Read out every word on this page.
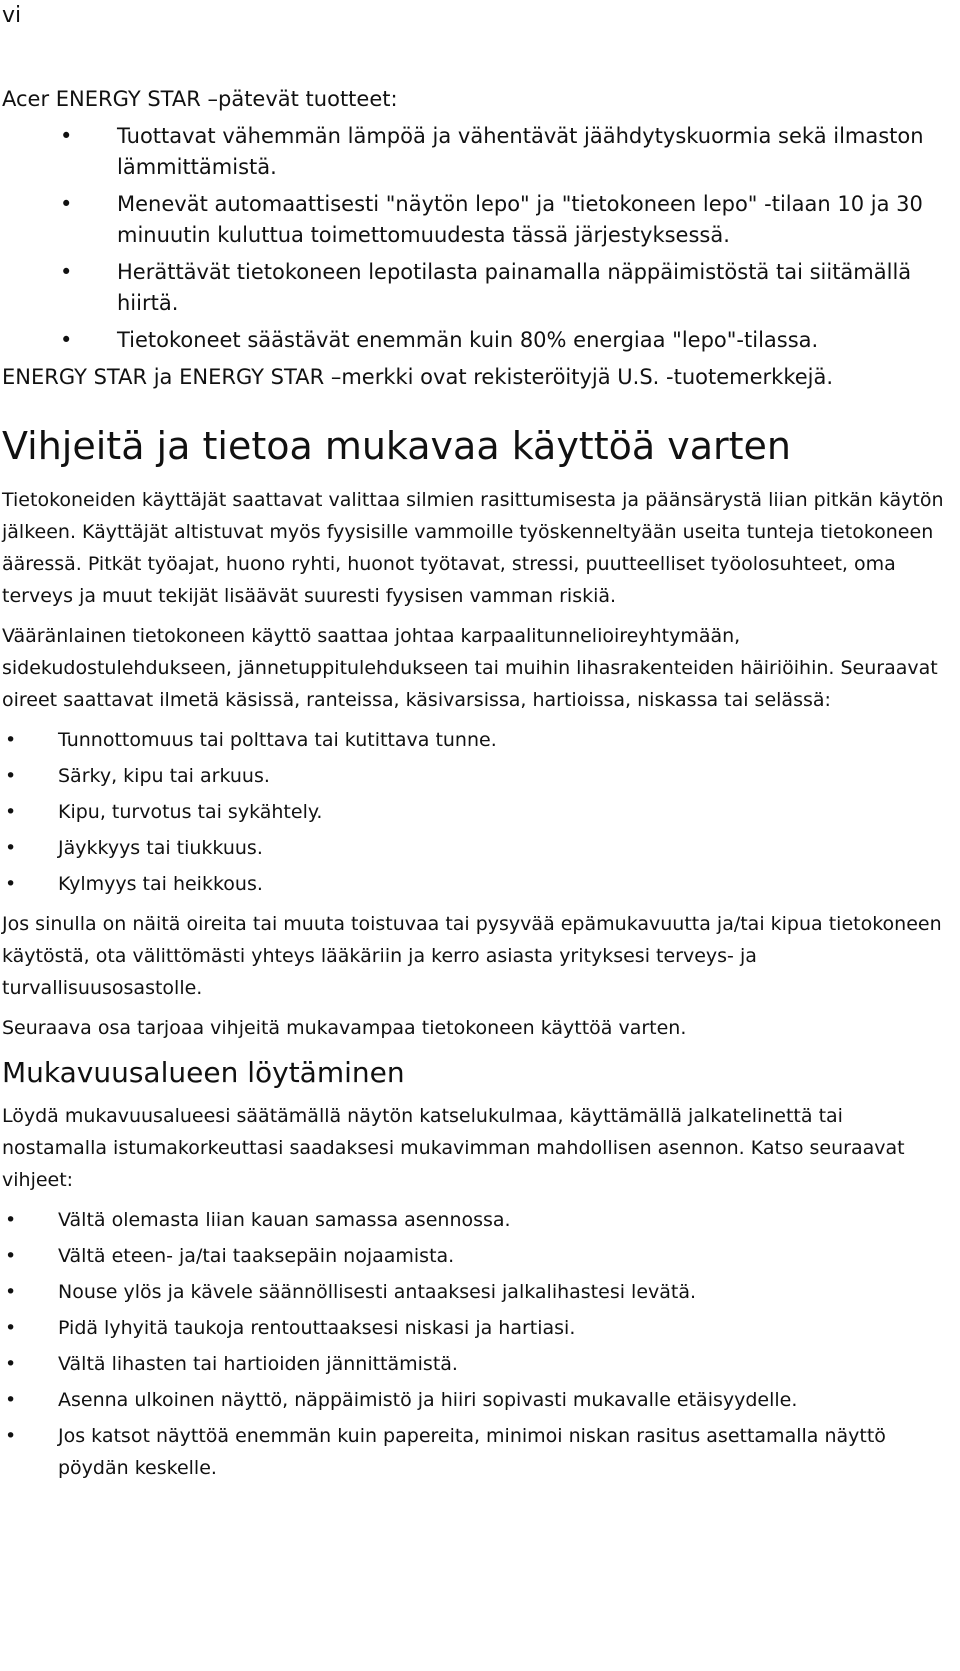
vi

Acer ENERGY STAR –pätevät tuotteet:

• Tuottavat vähemmän lämpöä ja vähentävät jäähdytyskuormia sekä ilmaston lämmittämistä.
• Menevät automaattisesti "näytön lepo" ja "tietokoneen lepo" -tilaan 10 ja 30 minuutin kuluttua toimettomuudesta tässä järjestyksessä.
• Herättävät tietokoneen lepotilasta painamalla näppäimistöstä tai siitämällä hiirtä.
• Tietokoneet säästävät enemmän kuin 80% energiaa "lepo"-tilassa.

ENERGY STAR ja ENERGY STAR –merkki ovat rekisteröityjä U.S. -tuotemerkkejä.

Vihjeitä ja tietoa mukavaa käyttöä varten

Tietokoneiden käyttäjät saattavat valittaa silmien rasittumisesta ja päänsärystä liian pitkän käytön jälkeen. Käyttäjät altistuvat myös fyysisille vammoille työskenneltyään useita tunteja tietokoneen ääressä. Pitkät työajat, huono ryhti, huonot työtavat, stressi, puutteelliset työolosuhteet, oma terveys ja muut tekijät lisäävät suuresti fyysisen vamman riskiä.

Vääränlainen tietokoneen käyttö saattaa johtaa karpaalitunnelioireyhtymään, sidekudostulehdukseen, jännetuppitulehdukseen tai muihin lihasrakenteiden häiriöihin. Seuraavat oireet saattavat ilmetä käsissä, ranteissa, käsivarsissa, hartioissa, niskassa tai selässä:

• Tunnottomuus tai polttava tai kutittava tunne.
• Särky, kipu tai arkuus.
• Kipu, turvotus tai sykähtely.
• Jäykkyys tai tiukkuus.
• Kylmyys tai heikkous.

Jos sinulla on näitä oireita tai muuta toistuvaa tai pysyvää epämukavuutta ja/tai kipua tietokoneen käytöstä, ota välittömästi yhteys lääkäriin ja kerro asiasta yrityksesi terveys- ja turvallisuusosastolle.

Seuraava osa tarjoaa vihjeitä mukavampaa tietokoneen käyttöä varten.

Mukavuusalueen löytäminen

Löydä mukavuusalueesi säätämällä näytön katselukulmaa, käyttämällä jalkatelinettä tai nostamalla istumakorkeuttasi saadaksesi mukavimman mahdollisen asennon. Katso seuraavat vihjeet:

• Vältä olemasta liian kauan samassa asennossa.
• Vältä eteen- ja/tai taaksepäin nojaamista.
• Nouse ylös ja kävele säännöllisesti antaaksesi jalkalihastesi levätä.
• Pidä lyhyitä taukoja rentouttaaksesi niskasi ja hartiasi.
• Vältä lihasten tai hartioiden jännittämistä.
• Asenna ulkoinen näyttö, näppäimistö ja hiiri sopivasti mukavalle etäisyydelle.
• Jos katsot näyttöä enemmän kuin papereita, minimoi niskan rasitus asettamalla näyttö pöydän keskelle.
